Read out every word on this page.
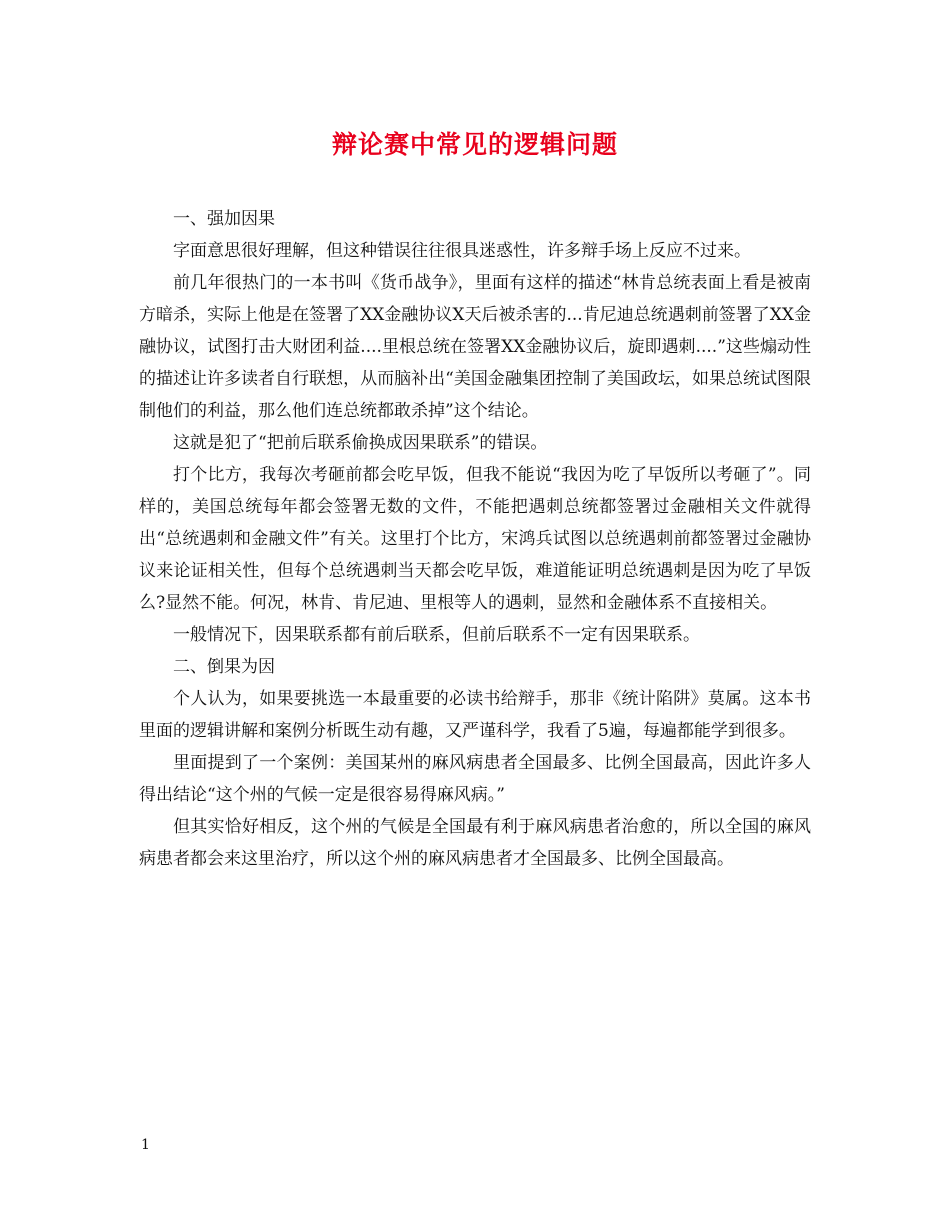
辩论赛中常见的逻辑问题

一、强加因果

字面意思很好理解，但这种错误往往很具迷惑性，许多辩手场上反应不过来。

前几年很热门的一本书叫《货币战争》，里面有这样的描述“林肯总统表面上看是被南方暗杀，实际上他是在签署了XX金融协议X天后被杀害的...肯尼迪总统遇刺前签署了XX金融协议，试图打击大财团利益....里根总统在签署XX金融协议后，旋即遇刺....”这些煽动性的描述让许多读者自行联想，从而脑补出“美国金融集团控制了美国政坛，如果总统试图限制他们的利益，那么他们连总统都敢杀掉”这个结论。

这就是犯了“把前后联系偷换成因果联系”的错误。

打个比方，我每次考砸前都会吃早饭，但我不能说“我因为吃了早饭所以考砸了”。同样的，美国总统每年都会签署无数的文件，不能把遇刺总统都签署过金融相关文件就得出“总统遇刺和金融文件”有关。这里打个比方，宋鸿兵试图以总统遇刺前都签署过金融协议来论证相关性，但每个总统遇刺当天都会吃早饭，难道能证明总统遇刺是因为吃了早饭么?显然不能。何况，林肯、肯尼迪、里根等人的遇刺，显然和金融体系不直接相关。

一般情况下，因果联系都有前后联系，但前后联系不一定有因果联系。

二、倒果为因

个人认为，如果要挑选一本最重要的必读书给辩手，那非《统计陷阱》莫属。这本书里面的逻辑讲解和案例分析既生动有趣，又严谨科学，我看了5遍，每遍都能学到很多。

里面提到了一个案例：美国某州的麻风病患者全国最多、比例全国最高，因此许多人得出结论“这个州的气候一定是很容易得麻风病。”

但其实恰好相反，这个州的气候是全国最有利于麻风病患者治愈的，所以全国的麻风病患者都会来这里治疗，所以这个州的麻风病患者才全国最多、比例全国最高。

1
